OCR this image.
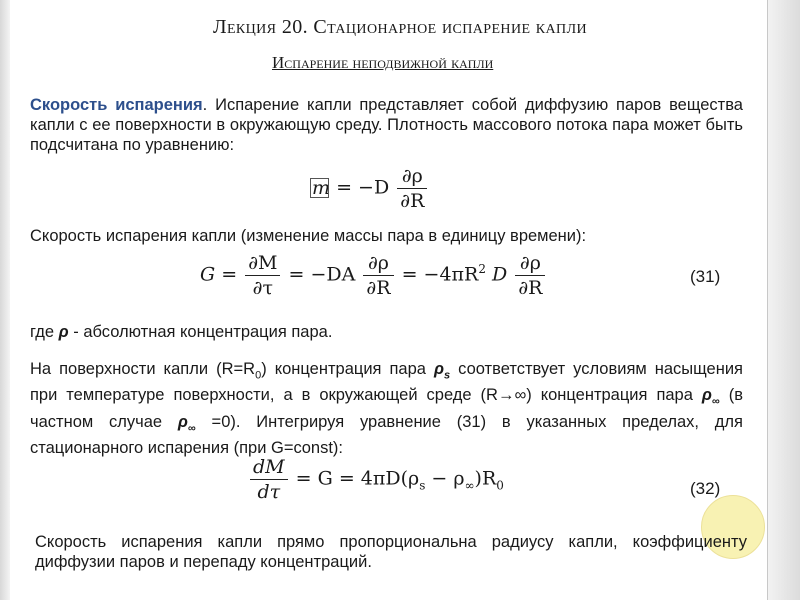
Лекция 20. Стационарное испарение капли
Испарение неподвижной капли
Скорость испарения. Испарение капли представляет собой диффузию паров вещества капли с ее поверхности в окружающую среду. Плотность массового потока пара может быть подсчитана по уравнению:
$m = -D \frac{\partial\rho}{\partial R}$
Скорость испарения капли (изменение массы пара в единицу времени):
$G = \frac{\partial M}{\partial\tau} = -DA \frac{\partial\rho}{\partial R} = -4\pi R^2$ D $\frac{\partial\rho}{\partial R}$	(31)
где ρ - абсолютная концентрация пара.
На поверхности капли $(R=R_0)$ концентрация пара $\rho_s$ соответствует условиям насыщения при температуре поверхности, а в окружающей среде (R→∞) концентрация пара $\rho_\infty$ (в частном случае $\rho_\infty =0$). Интегрируя уравнение (31) в указанных пределах, для стационарного испарения (при G=const):
$\frac{dM}{d\tau} = G = 4\pi D(\rho_s - \rho_\infty)R_0$	(32)
Скорость испарения капли прямо пропорциональна радиусу капли, коэффициенту диффузии паров и перепаду концентраций.
